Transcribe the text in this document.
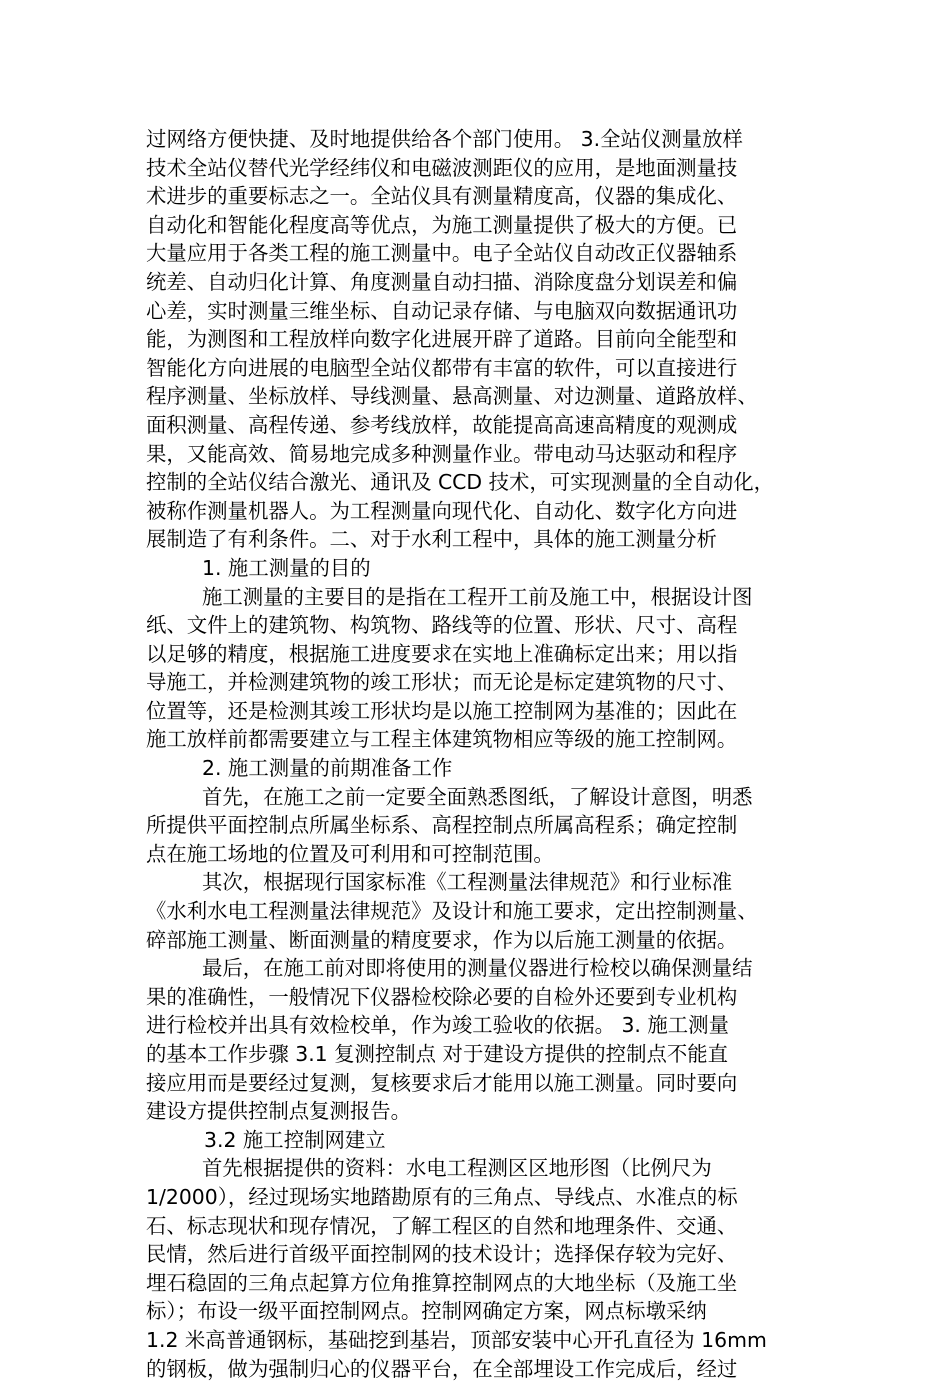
过网络方便快捷、及时地提供给各个部门使用。 3.全站仪测量放样
技术全站仪替代光学经纬仪和电磁波测距仪的应用，是地面测量技
术进步的重要标志之一。全站仪具有测量精度高，仪器的集成化、
自动化和智能化程度高等优点，为施工测量提供了极大的方便。已
大量应用于各类工程的施工测量中。电子全站仪自动改正仪器轴系
统差、自动归化计算、角度测量自动扫描、消除度盘分划误差和偏
心差，实时测量三维坐标、自动记录存储、与电脑双向数据通讯功
能，为测图和工程放样向数字化进展开辟了道路。目前向全能型和
智能化方向进展的电脑型全站仪都带有丰富的软件，可以直接进行
程序测量、坐标放样、导线测量、悬高测量、对边测量、道路放样、
面积测量、高程传递、参考线放样，故能提高高速高精度的观测成
果，又能高效、简易地完成多种测量作业。带电动马达驱动和程序
控制的全站仪结合激光、通讯及 CCD 技术，可实现测量的全自动化，
被称作测量机器人。为工程测量向现代化、自动化、数字化方向进
展制造了有利条件。二、对于水利工程中，具体的施工测量分析
1. 施工测量的目的
施工测量的主要目的是指在工程开工前及施工中，根据设计图
纸、文件上的建筑物、构筑物、路线等的位置、形状、尺寸、高程
以足够的精度，根据施工进度要求在实地上准确标定出来；用以指
导施工，并检测建筑物的竣工形状；而无论是标定建筑物的尺寸、
位置等，还是检测其竣工形状均是以施工控制网为基准的；因此在
施工放样前都需要建立与工程主体建筑物相应等级的施工控制网。
2. 施工测量的前期准备工作
首先，在施工之前一定要全面熟悉图纸，了解设计意图，明悉
所提供平面控制点所属坐标系、高程控制点所属高程系；确定控制
点在施工场地的位置及可利用和可控制范围。
其次，根据现行国家标准《工程测量法律规范》和行业标准
《水利水电工程测量法律规范》及设计和施工要求，定出控制测量、
碎部施工测量、断面测量的精度要求，作为以后施工测量的依据。
最后，在施工前对即将使用的测量仪器进行检校以确保测量结
果的准确性，一般情况下仪器检校除必要的自检外还要到专业机构
进行检校并出具有效检校单，作为竣工验收的依据。 3. 施工测量
的基本工作步骤 3.1 复测控制点 对于建设方提供的控制点不能直
接应用而是要经过复测，复核要求后才能用以施工测量。同时要向
建设方提供控制点复测报告。
3.2 施工控制网建立
首先根据提供的资料：水电工程测区区地形图（比例尺为
1/2000），经过现场实地踏勘原有的三角点、导线点、水准点的标
石、标志现状和现存情况，了解工程区的自然和地理条件、交通、
民情，然后进行首级平面控制网的技术设计；选择保存较为完好、
埋石稳固的三角点起算方位角推算控制网点的大地坐标（及施工坐
标）；布设一级平面控制网点。控制网确定方案，网点标墩采纳
1.2 米高普通钢标，基础挖到基岩，顶部安装中心开孔直径为 16mm
的钢板，做为强制归心的仪器平台，在全部埋设工作完成后，经过
